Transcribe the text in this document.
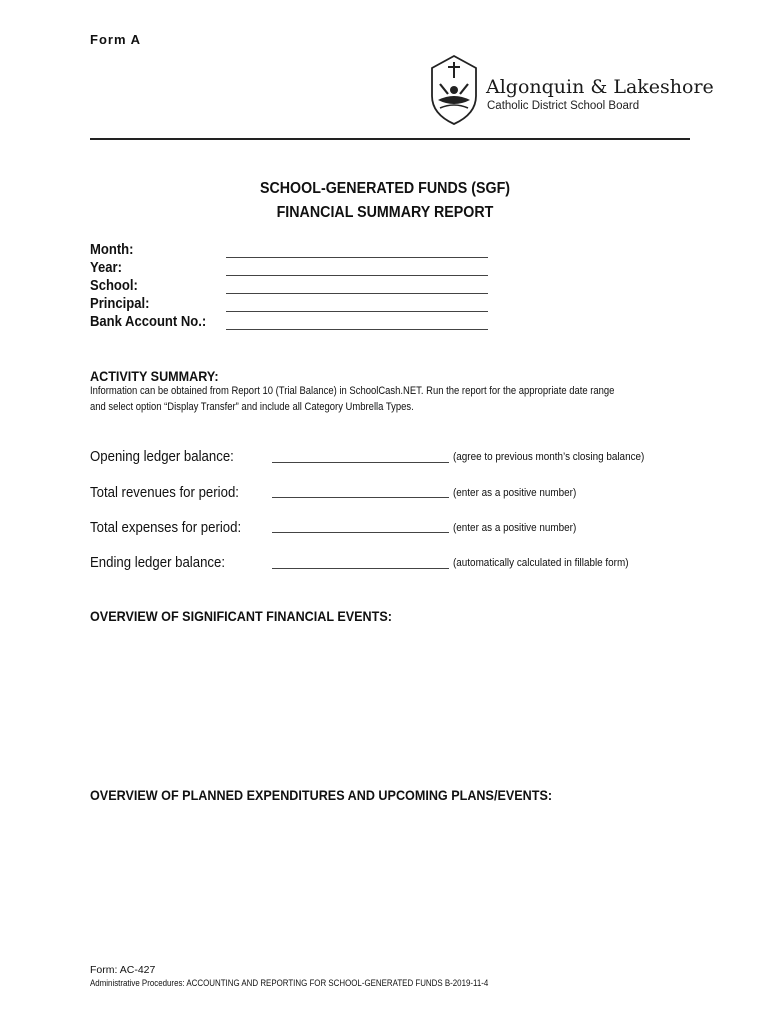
Form A
Algonquin & Lakeshore
Catholic District School Board
SCHOOL-GENERATED FUNDS (SGF)
FINANCIAL SUMMARY REPORT
Month:
Year:
School:
Principal:
Bank Account No.:
ACTIVITY SUMMARY:
Information can be obtained from Report 10 (Trial Balance) in SchoolCash.NET. Run the report for the appropriate date range
and select option “Display Transfer” and include all Category Umbrella Types.
Opening ledger balance:	(agree to previous month’s closing balance)
Total revenues for period:	(enter as a positive number)
Total expenses for period:	(enter as a positive number)
Ending ledger balance:	(automatically calculated in fillable form)
OVERVIEW OF SIGNIFICANT FINANCIAL EVENTS:
OVERVIEW OF PLANNED EXPENDITURES AND UPCOMING PLANS/EVENTS:
Form: AC-427
Administrative Procedures: ACCOUNTING AND REPORTING FOR SCHOOL-GENERATED FUNDS B-2019-11-4
